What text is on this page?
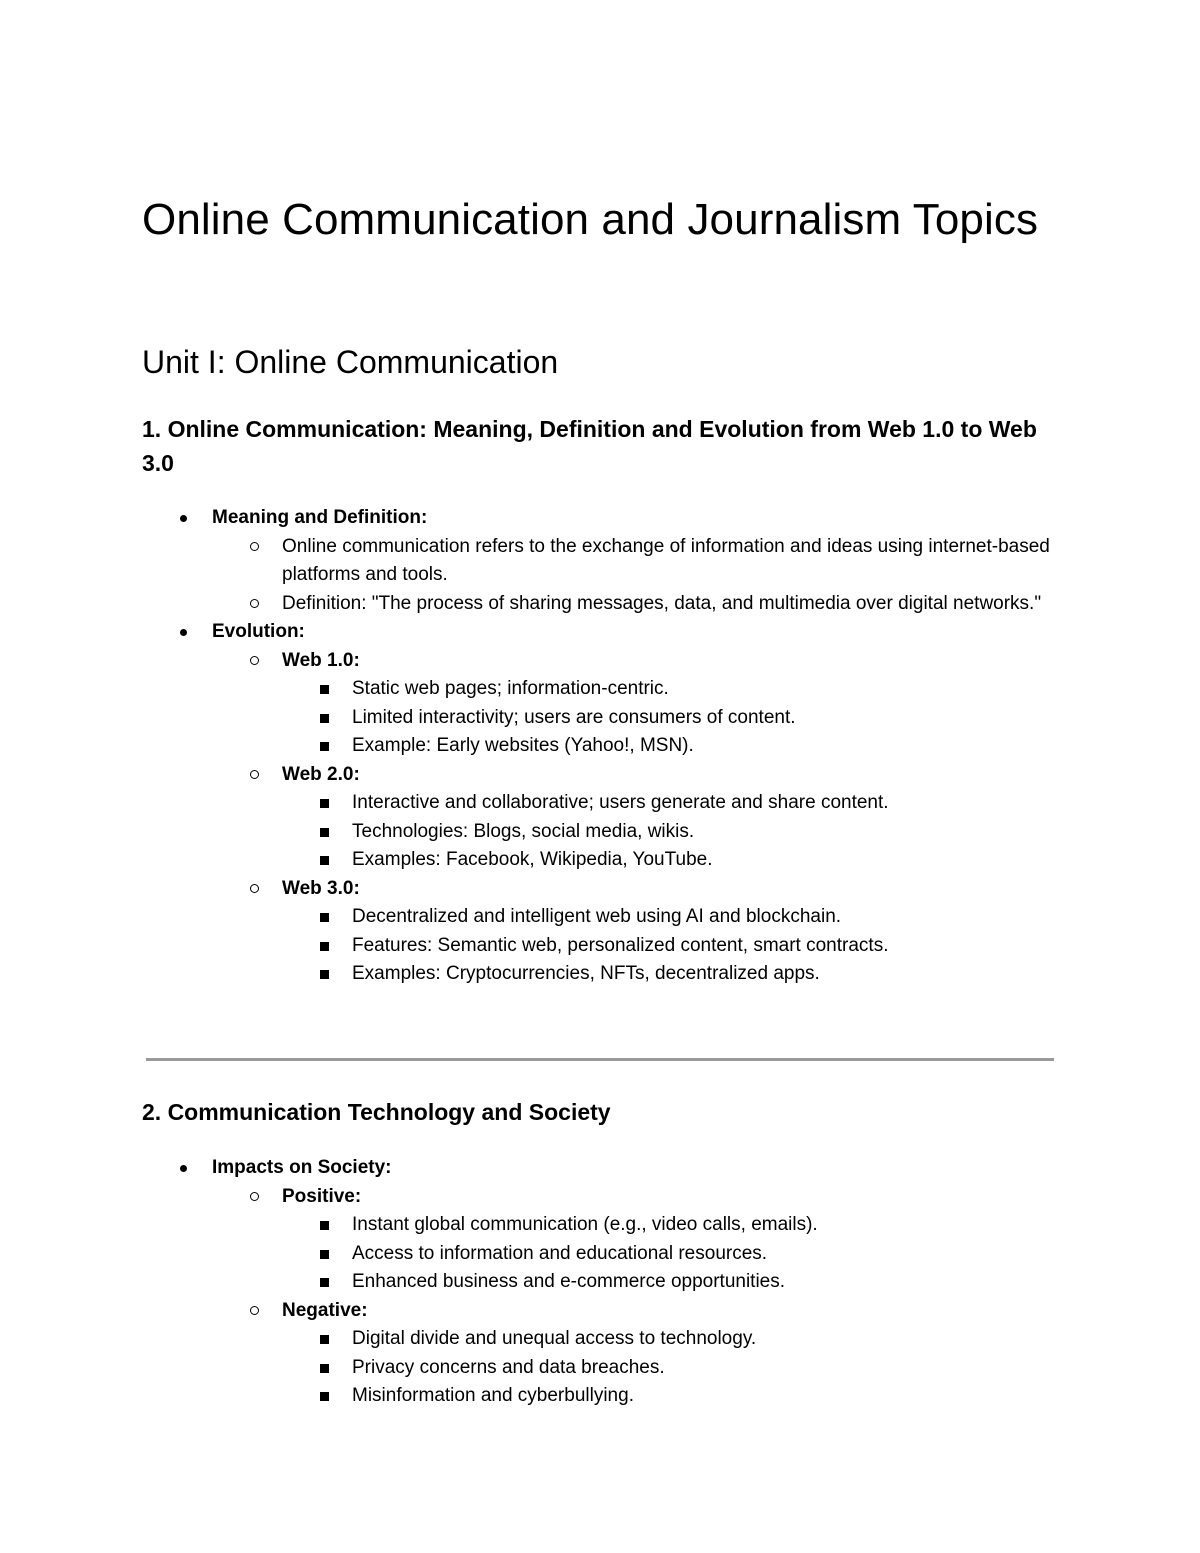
Online Communication and Journalism Topics
Unit I: Online Communication
1. Online Communication: Meaning, Definition and Evolution from Web 1.0 to Web 3.0
Meaning and Definition:
Online communication refers to the exchange of information and ideas using internet-based platforms and tools.
Definition: "The process of sharing messages, data, and multimedia over digital networks."
Evolution:
Web 1.0:
Static web pages; information-centric.
Limited interactivity; users are consumers of content.
Example: Early websites (Yahoo!, MSN).
Web 2.0:
Interactive and collaborative; users generate and share content.
Technologies: Blogs, social media, wikis.
Examples: Facebook, Wikipedia, YouTube.
Web 3.0:
Decentralized and intelligent web using AI and blockchain.
Features: Semantic web, personalized content, smart contracts.
Examples: Cryptocurrencies, NFTs, decentralized apps.
2. Communication Technology and Society
Impacts on Society:
Positive:
Instant global communication (e.g., video calls, emails).
Access to information and educational resources.
Enhanced business and e-commerce opportunities.
Negative:
Digital divide and unequal access to technology.
Privacy concerns and data breaches.
Misinformation and cyberbullying.
